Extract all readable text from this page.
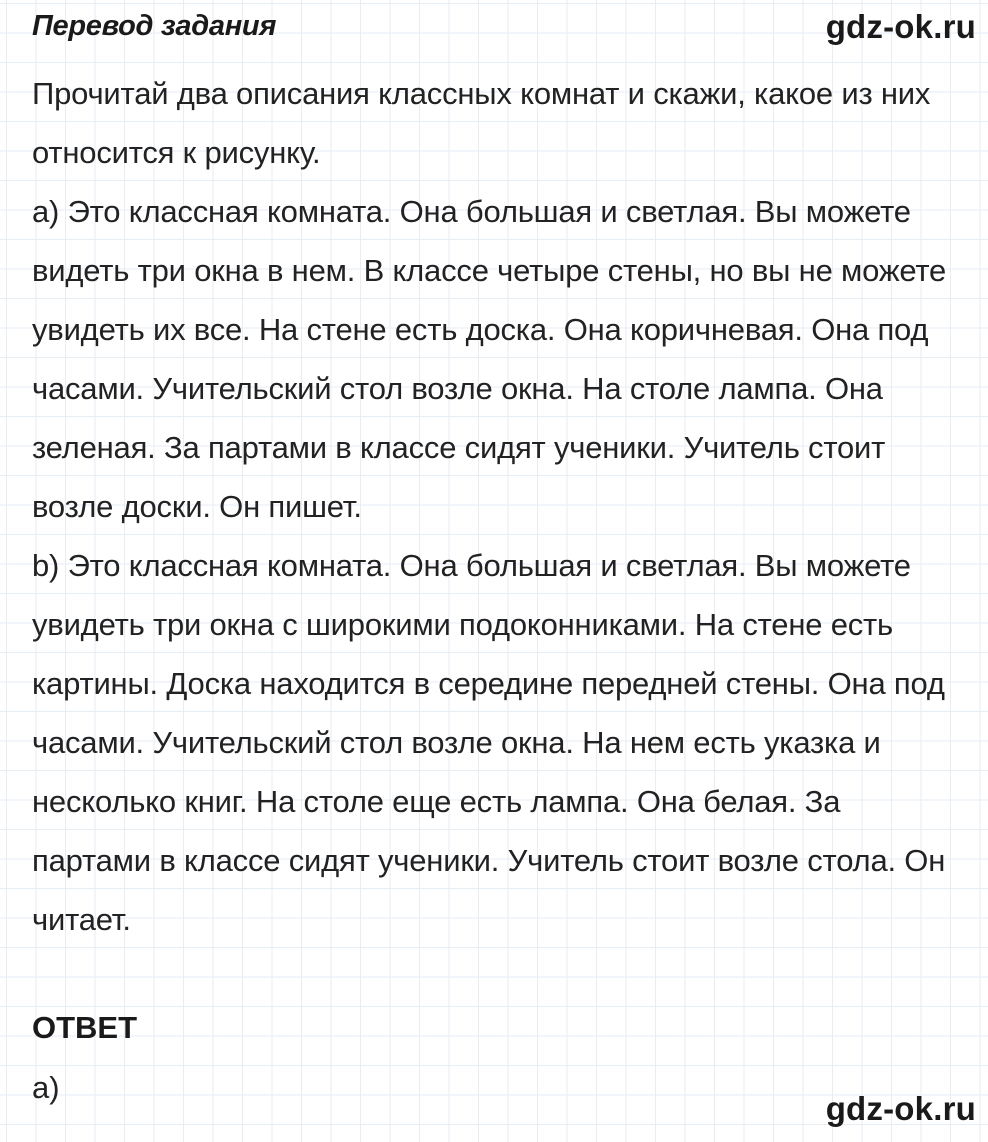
Перевод задания	gdz-ok.ru

Прочитай два описания классных комнат и скажи, какое из них относится к рисунку.

а) Это классная комната. Она большая и светлая. Вы можете видеть три окна в нем. В классе четыре стены, но вы не можете увидеть их все. На стене есть доска. Она коричневая. Она под часами. Учительский стол возле окна. На столе лампа. Она зеленая. За партами в классе сидят ученики. Учитель стоит возле доски. Он пишет.

b) Это классная комната. Она большая и светлая. Вы можете увидеть три окна с широкими подоконниками. На стене есть картины. Доска находится в середине передней стены. Она под часами. Учительский стол возле окна. На нем есть указка и несколько книг. На столе еще есть лампа. Она белая. За партами в классе сидят ученики. Учитель стоит возле стола. Он читает.

ОТВЕТ
а)
gdz-ok.ru
